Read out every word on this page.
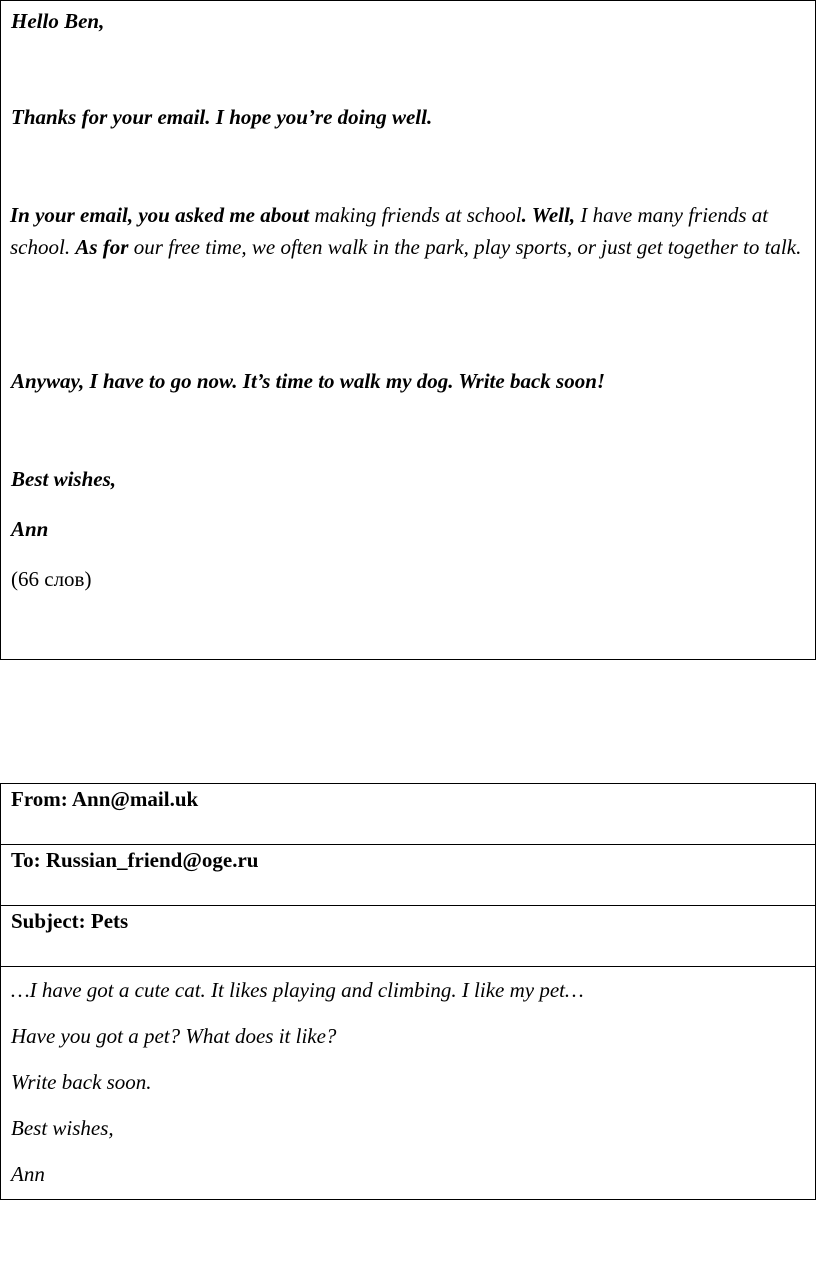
Hello Ben,
Thanks for your email. I hope you’re doing well.
In your email, you asked me about making friends at school. Well, I have many friends at school. As for our free time, we often walk in the park, play sports, or just get together to talk.
Anyway, I have to go now. It’s time to walk my dog. Write back soon!
Best wishes,
Ann
(66 слов)
From: Ann@mail.uk

To: Russian_friend@oge.ru

Subject: Pets

…I have got a cute cat. It likes playing and climbing. I like my pet…
Have you got a pet? What does it like?
Write back soon.
Best wishes,
Ann
